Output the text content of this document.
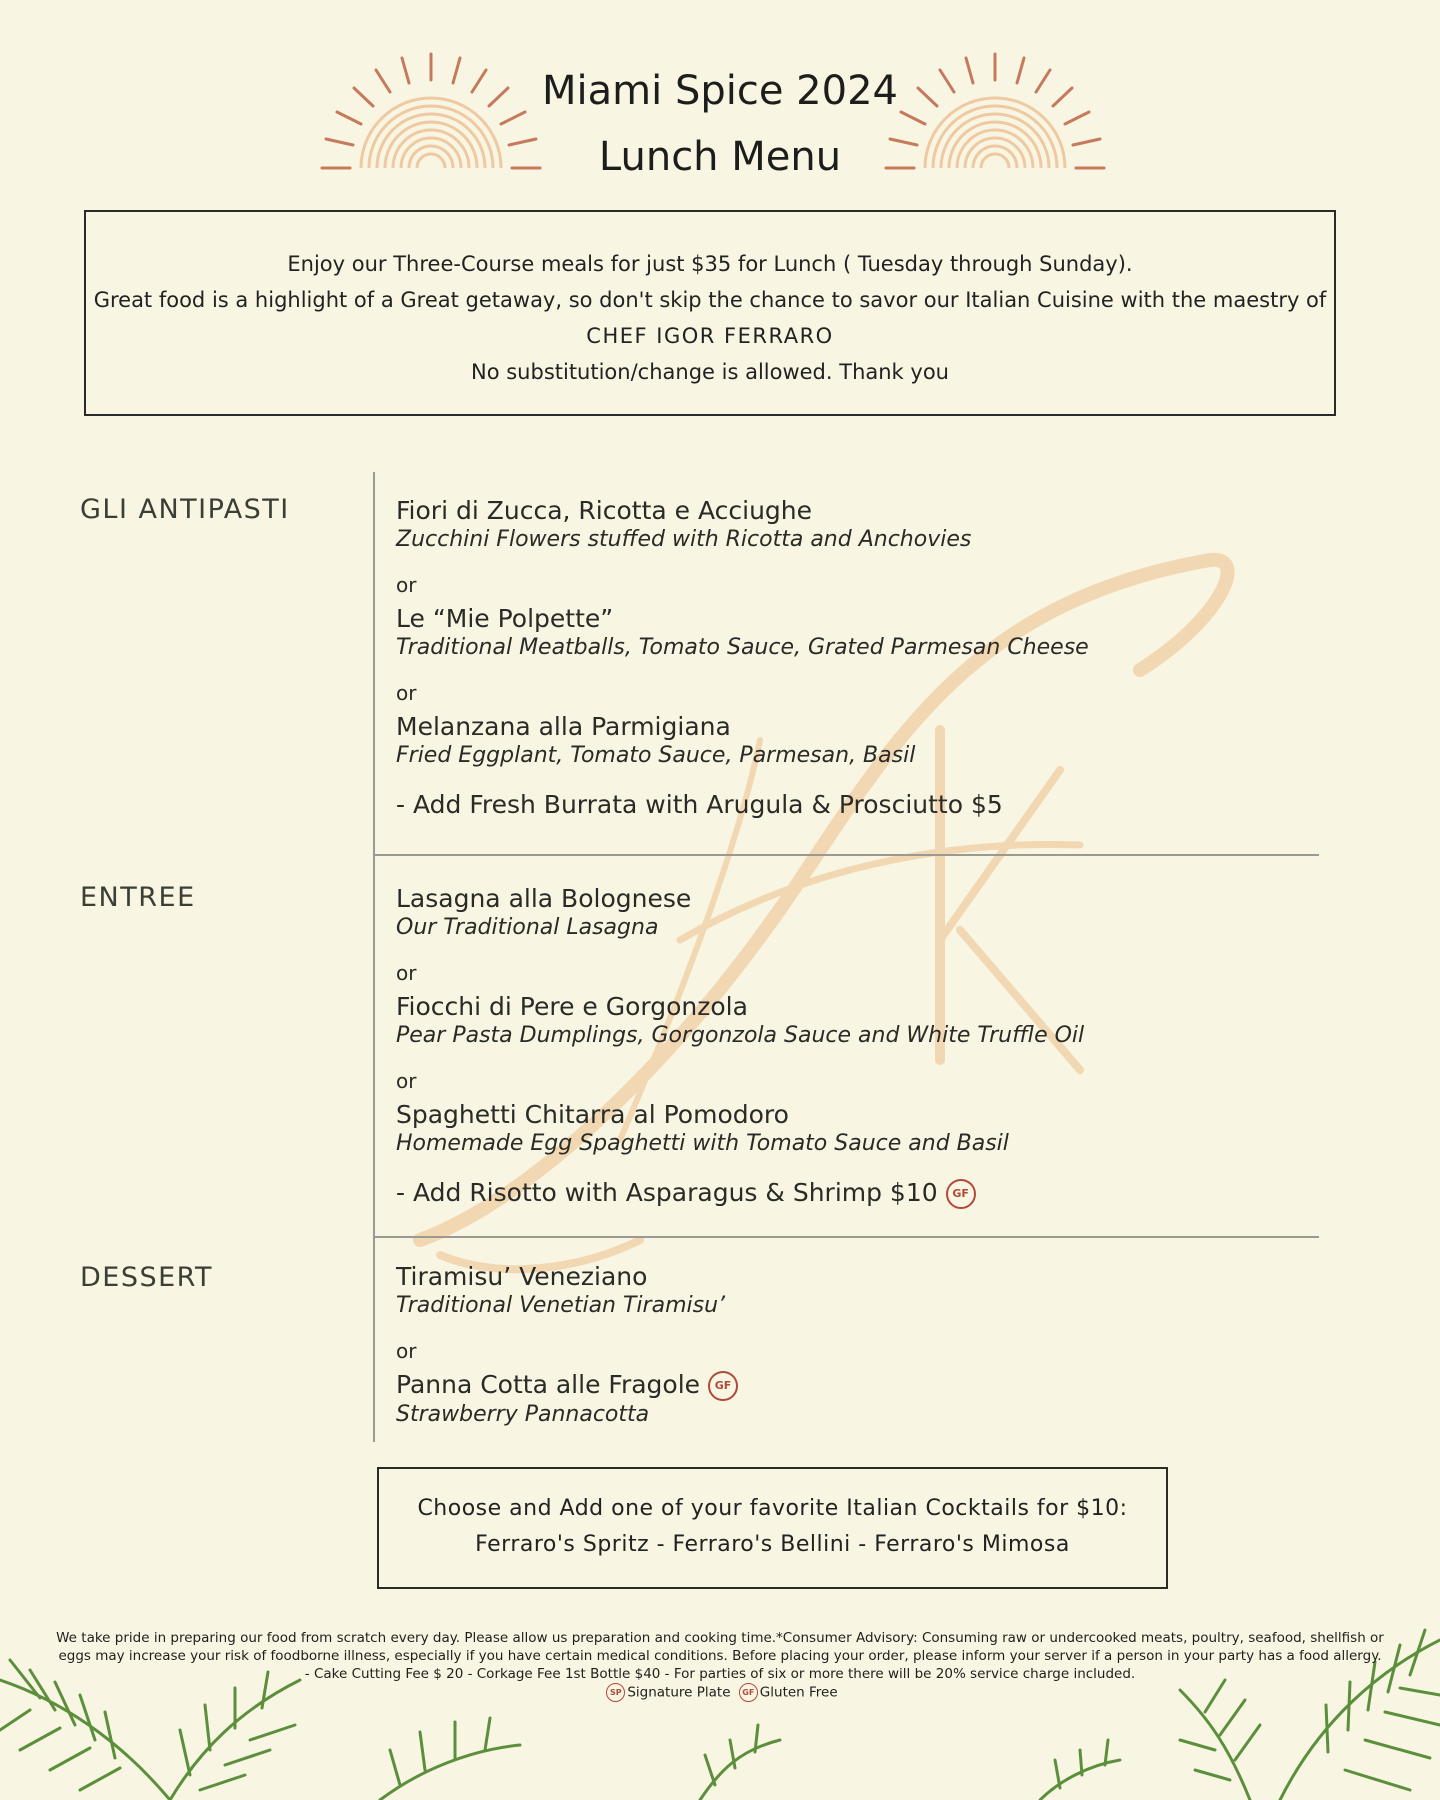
Miami Spice 2024
Lunch Menu
Enjoy our Three-Course meals for just $35 for Lunch ( Tuesday through Sunday).
Great food is a highlight of a Great getaway, so don't skip the chance to savor our Italian Cuisine with the maestry of
CHEF IGOR FERRARO
No substitution/change is allowed. Thank you
GLI ANTIPASTI
ENTREE
DESSERT
Fiori di Zucca, Ricotta e Acciughe
Zucchini Flowers stuffed with Ricotta and Anchovies
or
Le “Mie Polpette”
Traditional Meatballs, Tomato Sauce, Grated Parmesan Cheese
or
Melanzana alla Parmigiana
Fried Eggplant, Tomato Sauce, Parmesan, Basil
- Add Fresh Burrata with Arugula & Prosciutto $5
Lasagna alla Bolognese
Our Traditional Lasagna
or
Fiocchi di Pere e Gorgonzola
Pear Pasta Dumplings, Gorgonzola Sauce and White Truffle Oil
or
Spaghetti Chitarra al Pomodoro
Homemade Egg Spaghetti with Tomato Sauce and Basil
- Add Risotto with Asparagus & Shrimp $10 GF
Tiramisu’ Veneziano
Traditional Venetian Tiramisu’
or
Panna Cotta alle Fragole GF
Strawberry Pannacotta
Choose and Add one of your favorite Italian Cocktails for $10:
Ferraro's Spritz - Ferraro's Bellini - Ferraro's Mimosa
We take pride in preparing our food from scratch every day. Please allow us preparation and cooking time.*Consumer Advisory: Consuming raw or undercooked meats, poultry, seafood, shellfish or
eggs may increase your risk of foodborne illness, especially if you have certain medical conditions. Before placing your order, please inform your server if a person in your party has a food allergy.
- Cake Cutting Fee $ 20 - Corkage Fee 1st Bottle $40 - For parties of six or more there will be 20% service charge included.
SP Signature Plate GF Gluten Free
